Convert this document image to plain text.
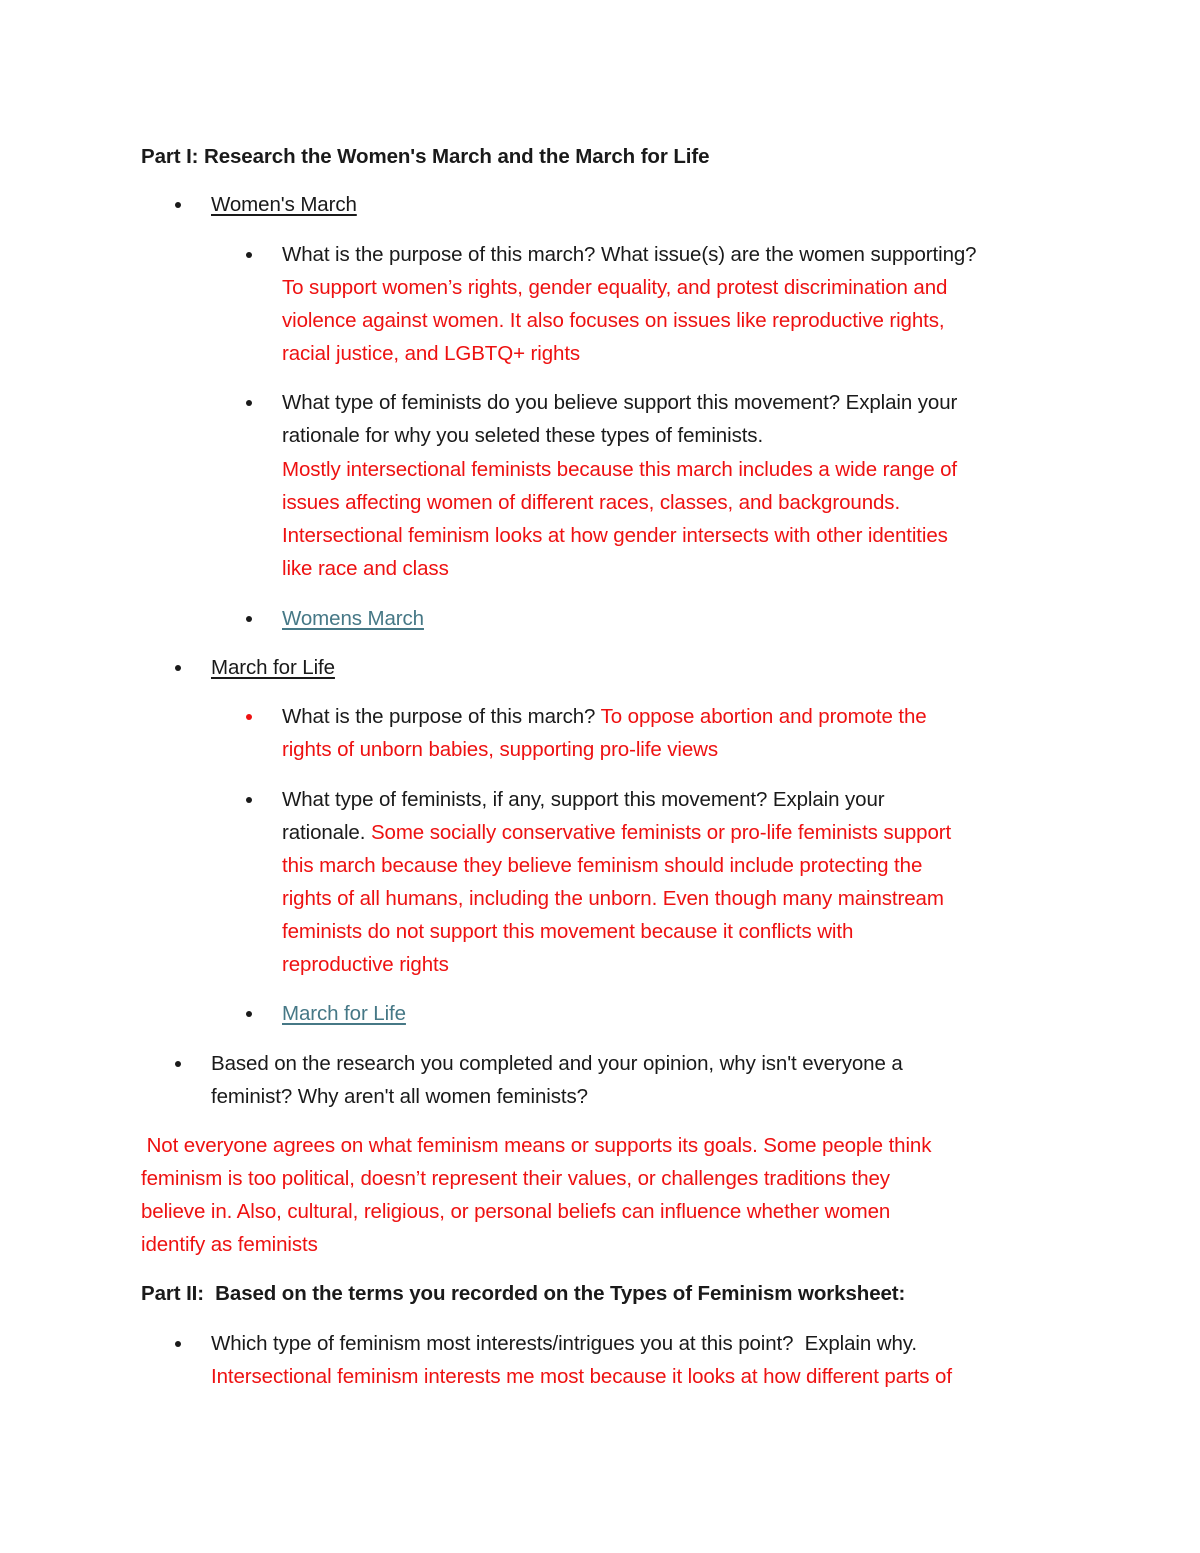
Part I: Research the Women's March and the March for Life
Women's March
What is the purpose of this march? What issue(s) are the women supporting?
To support women’s rights, gender equality, and protest discrimination and
violence against women. It also focuses on issues like reproductive rights,
racial justice, and LGBTQ+ rights
What type of feminists do you believe support this movement? Explain your
rationale for why you seleted these types of feminists.
Mostly intersectional feminists because this march includes a wide range of
issues affecting women of different races, classes, and backgrounds.
Intersectional feminism looks at how gender intersects with other identities
like race and class
Womens March
March for Life
What is the purpose of this march? To oppose abortion and promote the
rights of unborn babies, supporting pro-life views
What type of feminists, if any, support this movement? Explain your
rationale. Some socially conservative feminists or pro-life feminists support
this march because they believe feminism should include protecting the
rights of all humans, including the unborn. Even though many mainstream
feminists do not support this movement because it conflicts with
reproductive rights
March for Life
Based on the research you completed and your opinion, why isn't everyone a
feminist? Why aren't all women feminists?
Not everyone agrees on what feminism means or supports its goals. Some people think
feminism is too political, doesn’t represent their values, or challenges traditions they
believe in. Also, cultural, religious, or personal beliefs can influence whether women
identify as feminists
Part II:  Based on the terms you recorded on the Types of Feminism worksheet:
Which type of feminism most interests/intrigues you at this point?  Explain why.
Intersectional feminism interests me most because it looks at how different parts of
